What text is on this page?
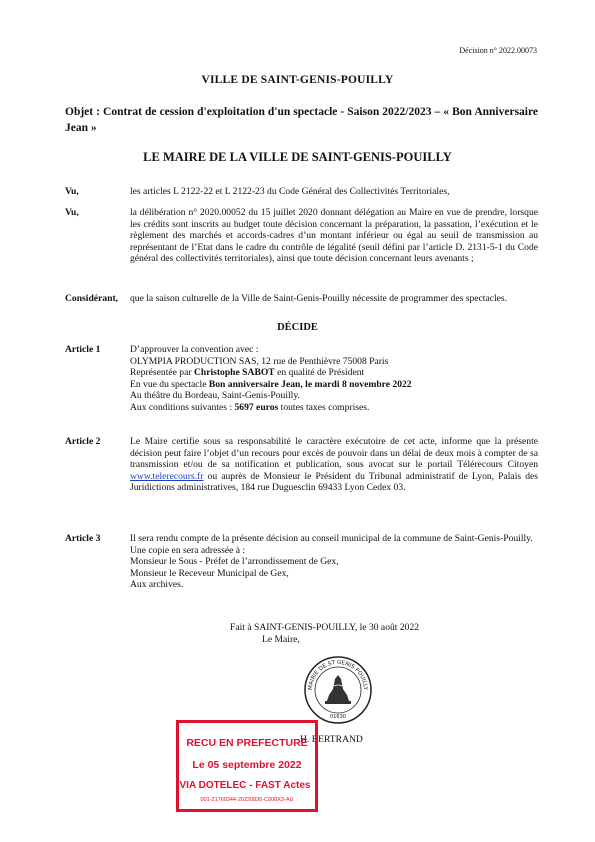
Décision n° 2022.00073
VILLE DE SAINT-GENIS-POUILLY
Objet : Contrat de cession d'exploitation d'un spectacle - Saison 2022/2023 – « Bon Anniversaire Jean »
LE MAIRE DE LA VILLE DE SAINT-GENIS-POUILLY
Vu,	les articles L 2122-22 et L 2122-23 du Code Général des Collectivités Territoriales,
Vu,	la délibération n° 2020.00052 du 15 juillet 2020 donnant délégation au Maire en vue de prendre, lorsque les crédits sont inscrits au budget toute décision concernant la préparation, la passation, l’exécution et le règlement des marchés et accords-cadres d’un montant inférieur ou égal au seuil de transmission au représentant de l’Etat dans le cadre du contrôle de légalité (seuil défini par l’article D. 2131-5-1 du Code général des collectivités territoriales), ainsi que toute décision concernant leurs avenants ;
Considérant, que la saison culturelle de la Ville de Saint-Genis-Pouilly nécessite de programmer des spectacles.
DÉCIDE
Article 1	D’approuver la convention avec :

OLYMPIA PRODUCTION SAS, 12 rue de Penthièvre 75008 Paris

Représentée par Christophe SABOT en qualité de Président

En vue du spectacle Bon anniversaire Jean, le mardi 8 novembre 2022

Au théâtre du Bordeau, Saint-Genis-Pouilly.

Aux conditions suivantes : 5697 euros toutes taxes comprises.

Article 2	Le Maire certifie sous sa responsabilité le caractère exécutoire de cet acte, informe que la présente décision peut faire l’objet d’un recours pour excès de pouvoir dans un délai de deux mois à compter de sa transmission et/ou de sa notification et publication, sous avocat sur le portail Télérecours Citoyen www.telerecours.fr ou auprès de Monsieur le Président du Tribunal administratif de Lyon, Palais des Juridictions administratives, 184 rue Duguesclin 69433 Lyon Cedex 03.
Article 3	Il sera rendu compte de la présente décision au conseil municipal de la commune de Saint-Genis-Pouilly.

Une copie en sera adressée à :

Monsieur le Sous - Préfet de l’arrondissement de Gex,

Monsieur le Receveur Municipal de Gex,

Aux archives.

Fait à SAINT-GENIS-POUILLY, le 30 août 2022
Le Maire,
MAIRIE DE ST GENIS POUILLY
01630
H. BERTRAND
RECU EN PREFECTURE
Le 05 septembre 2022
VIA DOTELEC - FAST Actes
001-21760344-20220830-C000X3-AU
